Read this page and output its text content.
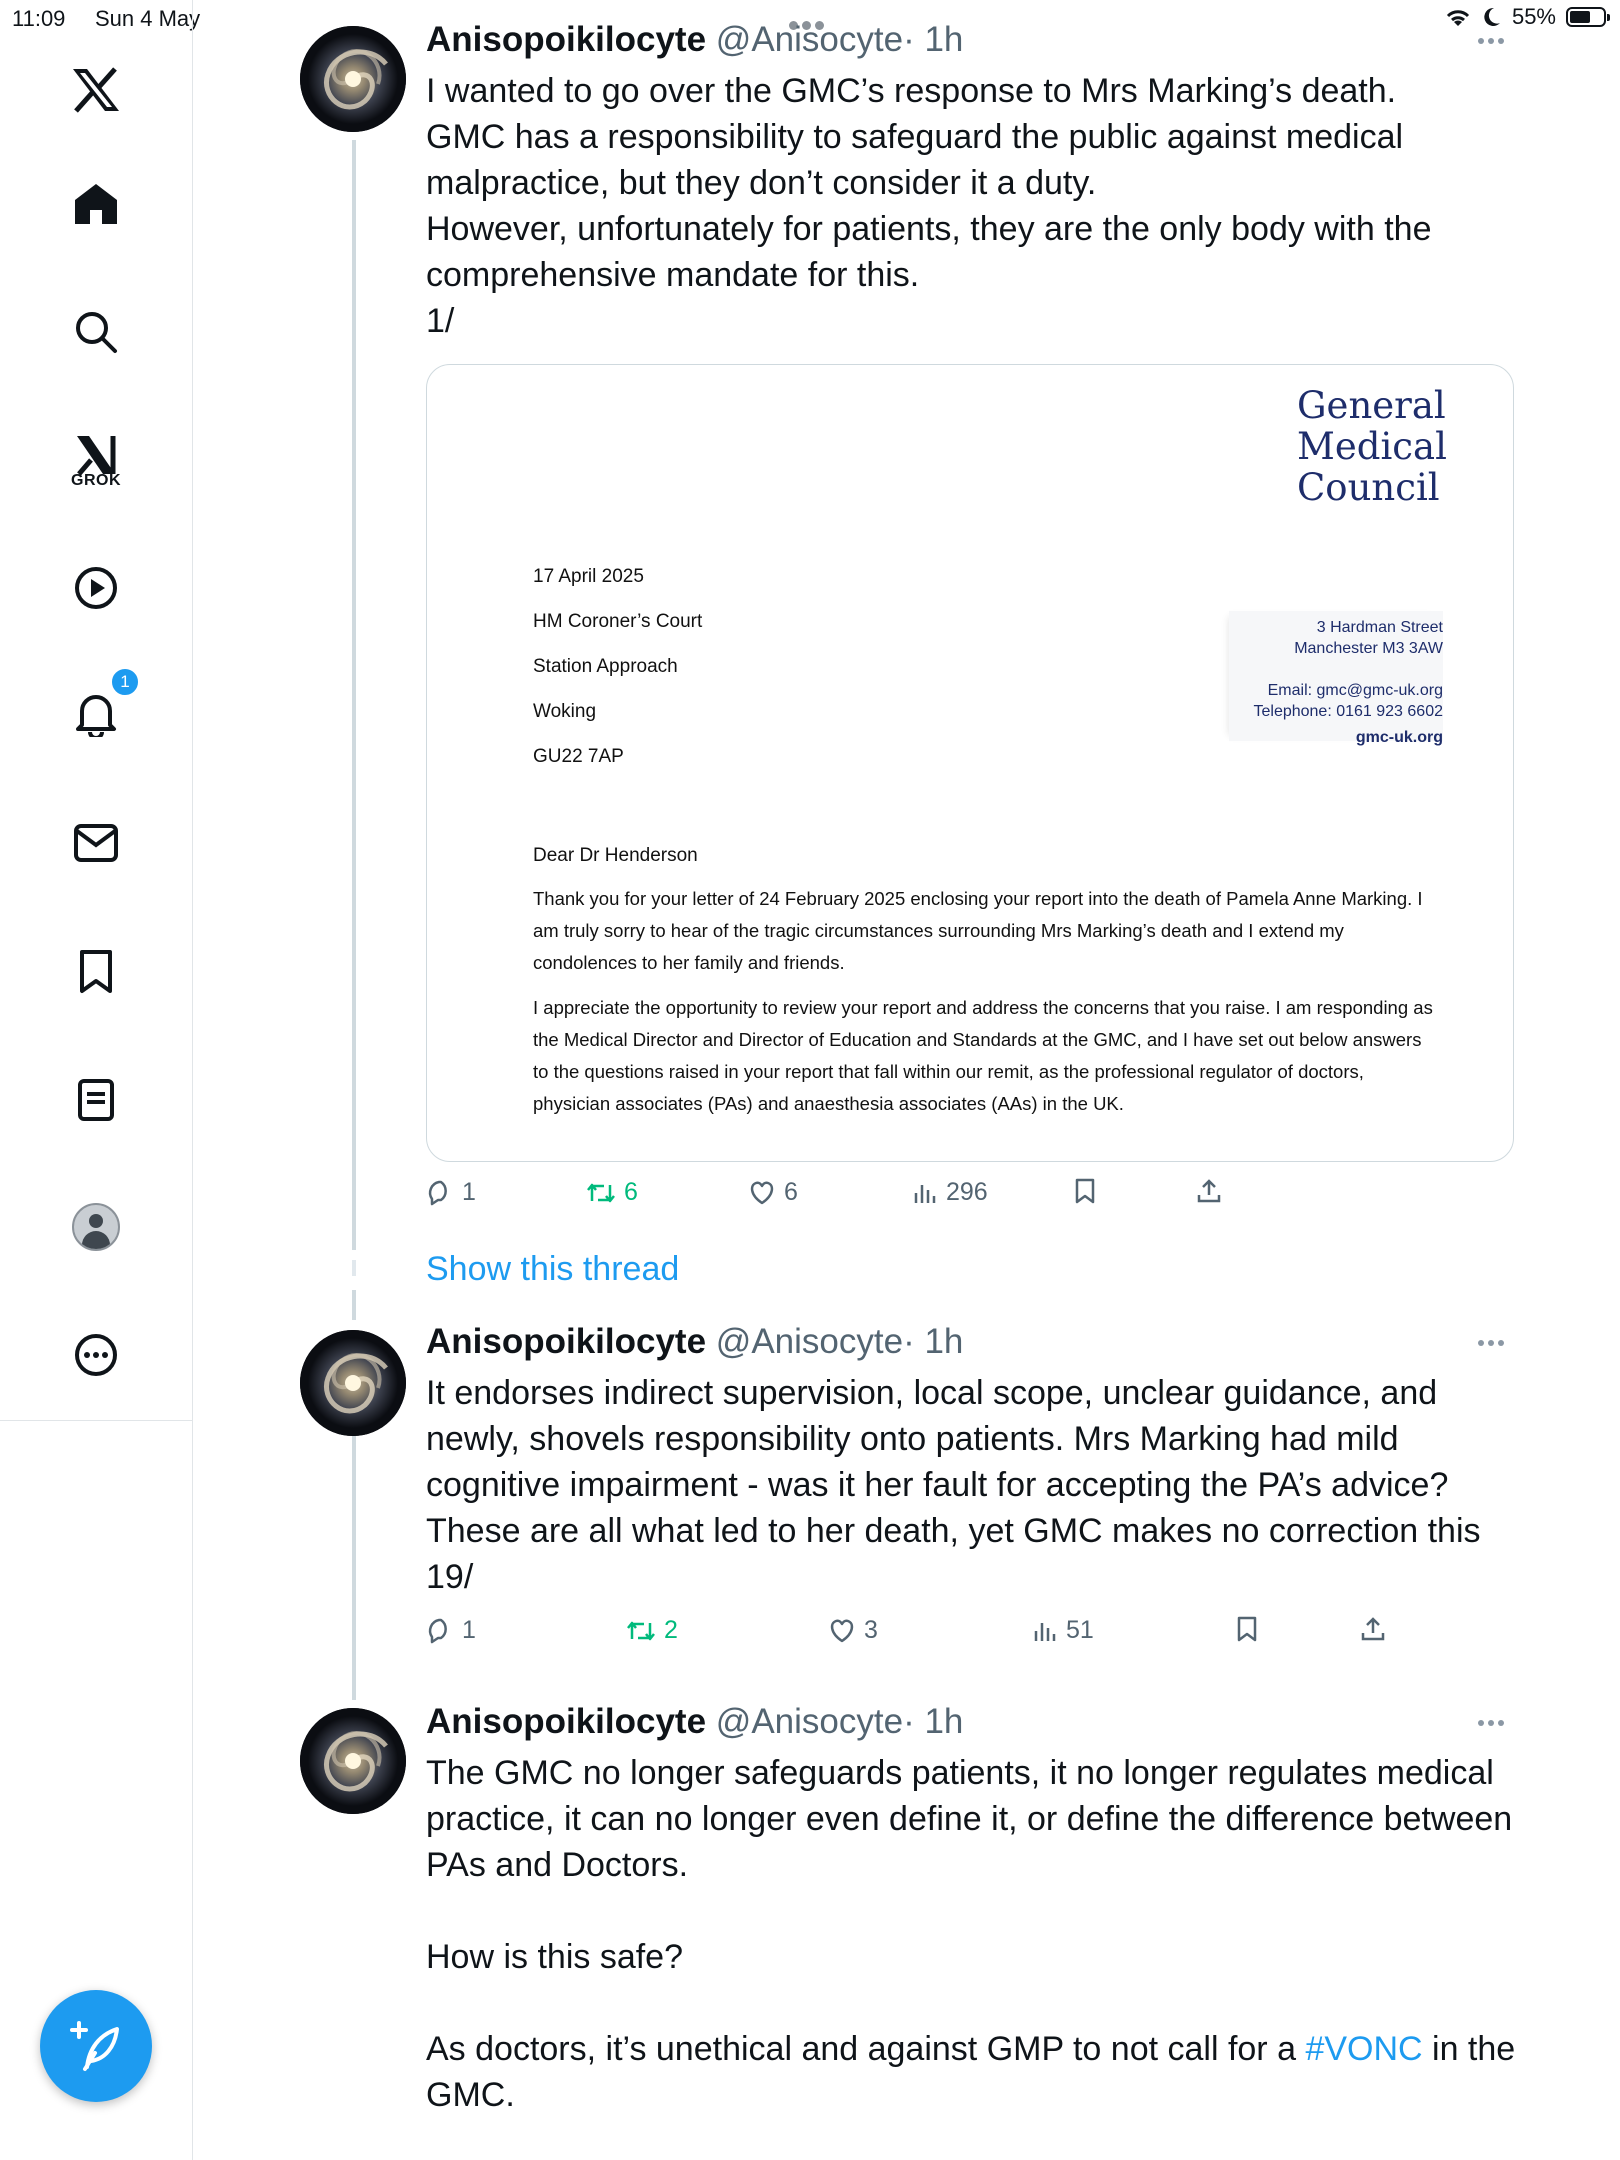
11:09 Sun 4 May	55%
GROK
1
Anisopoikilocyte @Anisocyte· 1h
I wanted to go over the GMC’s response to Mrs Marking’s death.
GMC has a responsibility to safeguard the public against medical malpractice, but they don’t consider it a duty.
However, unfortunately for patients, they are the only body with the comprehensive mandate for this.
1/
General
Medical
Council
17 April 2025
HM Coroner’s Court
Station Approach
Woking
GU22 7AP
3 Hardman Street
Manchester M3 3AW
Email: gmc@gmc-uk.org
Telephone: 0161 923 6602
gmc-uk.org
Dear Dr Henderson
Thank you for your letter of 24 February 2025 enclosing your report into the death of Pamela Anne Marking. I am truly sorry to hear of the tragic circumstances surrounding Mrs Marking’s death and I extend my condolences to her family and friends.
I appreciate the opportunity to review your report and address the concerns that you raise. I am responding as the Medical Director and Director of Education and Standards at the GMC, and I have set out below answers to the questions raised in your report that fall within our remit, as the professional regulator of doctors, physician associates (PAs) and anaesthesia associates (AAs) in the UK.
1	6	6	296
Show this thread
Anisopoikilocyte @Anisocyte· 1h
It endorses indirect supervision, local scope, unclear guidance, and newly, shovels responsibility onto patients. Mrs Marking had mild cognitive impairment - was it her fault for accepting the PA’s advice? These are all what led to her death, yet GMC makes no correction this
19/
1	2	3	51
Anisopoikilocyte @Anisocyte· 1h
The GMC no longer safeguards patients, it no longer regulates medical practice, it can no longer even define it, or define the difference between PAs and Doctors.

How is this safe?

As doctors, it’s unethical and against GMP to not call for a #VONC in the GMC.
